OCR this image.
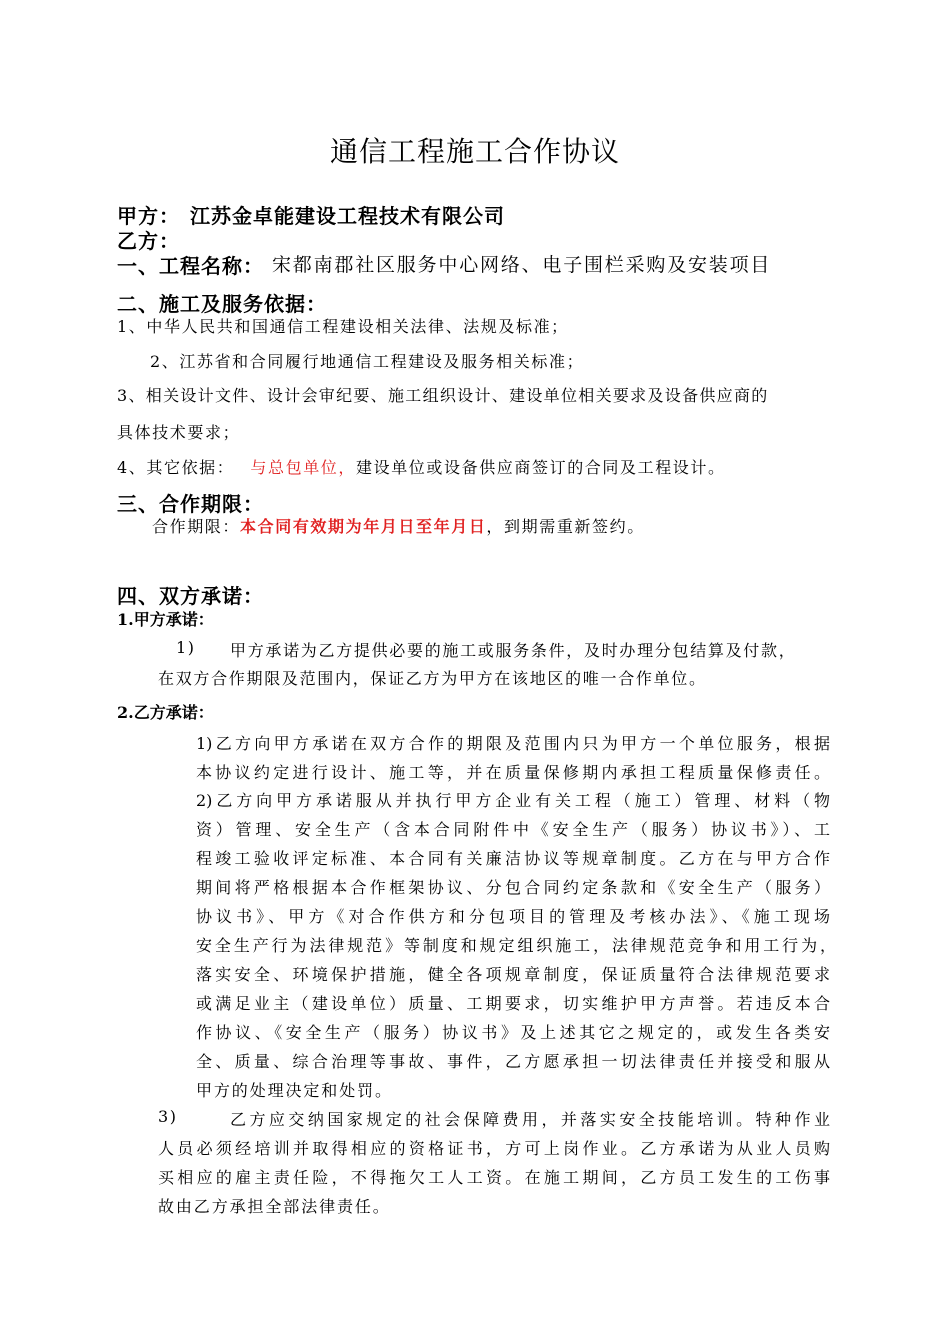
通信工程施工合作协议
甲方： 江苏金卓能建设工程技术有限公司
乙方：
一、工程名称： 宋都南郡社区服务中心网络、电子围栏采购及安装项目
二、施工及服务依据：
1、中华人民共和国通信工程建设相关法律、法规及标准；
2、江苏省和合同履行地通信工程建设及服务相关标准；
3、相关设计文件、设计会审纪要、施工组织设计、建设单位相关要求及设备供应商的
具体技术要求；
4、其它依据： 与总包单位，建设单位或设备供应商签订的合同及工程设计。
三、合作期限：
合作期限：本合同有效期为年月日至年月日，到期需重新签约。
四、双方承诺：
1.甲方承诺：
1) 甲方承诺为乙方提供必要的施工或服务条件，及时办理分包结算及付款，
在双方合作期限及范围内，保证乙方为甲方在该地区的唯一合作单位。
2.乙方承诺：
1)乙方向甲方承诺在双方合作的期限及范围内只为甲方一个单位服务，根据
本协议约定进行设计、施工等，并在质量保修期内承担工程质量保修责任。
2)乙方向甲方承诺服从并执行甲方企业有关工程（施工）管理、材料（物
资）管理、安全生产（含本合同附件中《安全生产（服务）协议书》）、工
程竣工验收评定标准、本合同有关廉洁协议等规章制度。乙方在与甲方合作
期间将严格根据本合作框架协议、分包合同约定条款和《安全生产（服务）
协议书》、甲方《对合作供方和分包项目的管理及考核办法》、《施工现场
安全生产行为法律规范》等制度和规定组织施工，法律规范竞争和用工行为，
落实安全、环境保护措施，健全各项规章制度，保证质量符合法律规范要求
或满足业主（建设单位）质量、工期要求，切实维护甲方声誉。若违反本合
作协议、《安全生产（服务）协议书》及上述其它之规定的，或发生各类安
全、质量、综合治理等事故、事件，乙方愿承担一切法律责任并接受和服从
甲方的处理决定和处罚。
3)	乙方应交纳国家规定的社会保障费用，并落实安全技能培训。特种作业
人员必须经培训并取得相应的资格证书，方可上岗作业。乙方承诺为从业人员购
买相应的雇主责任险，不得拖欠工人工资。在施工期间，乙方员工发生的工伤事
故由乙方承担全部法律责任。
